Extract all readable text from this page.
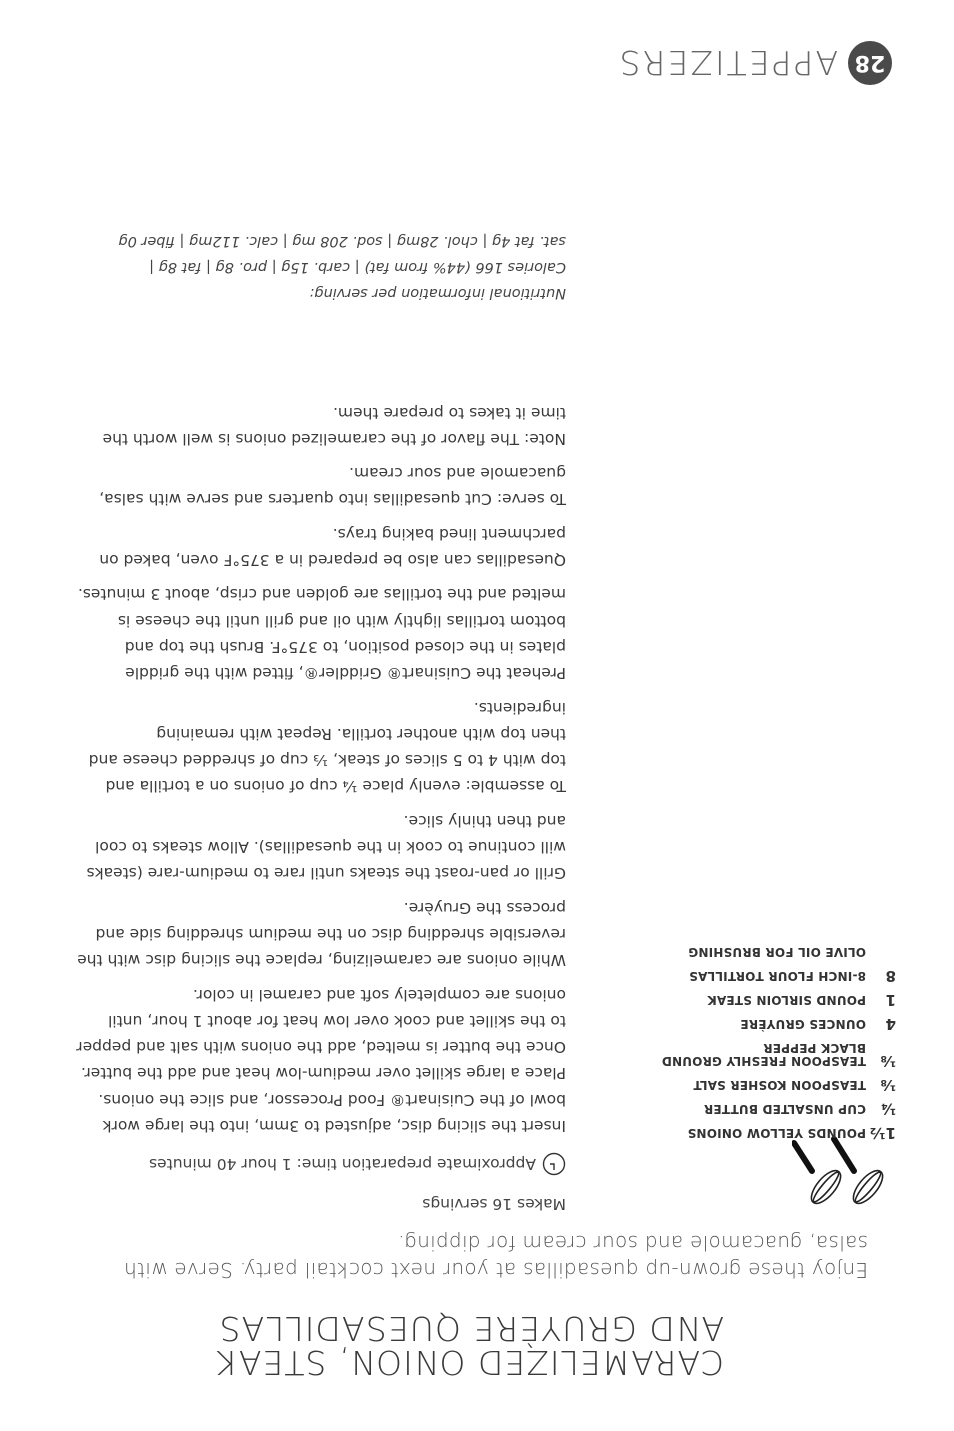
CARAMELIZED ONION, STEAK
AND GRUYÈRE QUESADILLAS
Enjoy these grown-up quesadillas at your next cocktail party. Serve with salsa, guacamole and sour cream for dipping.
Makes 16 servings
Approximate preparation time: 1 hour 40 minutes
1½
POUNDS YELLOW ONIONS
¼
CUP UNSALTED BUTTER
⅛
TEASPOON KOSHER SALT
⅛
TEASPOON FRESHLY GROUND BLACK PEPPER
4
OUNCES GRUYÈRE
1
POUND SIRLOIN STEAK
8
8-INCH FLOUR TORTILLAS
OLIVE OIL FOR BRUSHING

Insert the slicing disc, adjusted to 3mm, into the large work bowl of the Cuisinart® Food Processor, and slice the onions. Place a large skillet over medium-low heat and add the butter. Once the butter is melted, add the onions with salt and pepper to the skillet and cook over low heat for about 1 hour, until onions are completely soft and caramel in color.

While onions are caramelizing, replace the slicing disc with the reversible shredding disc on the medium shredding side and process the Gruyère.

Grill or pan-roast the steaks until rare to medium-rare (steaks will continue to cook in the quesadillas). Allow steaks to cool and then thinly slice.

To assemble: evenly place ¼ cup of onions on a tortilla and top with 4 to 5 slices of steak, ⅓ cup of shredded cheese and then top with another tortilla. Repeat with remaining ingredients.

Preheat the Cuisinart® Griddler®, fitted with the griddle plates in the closed position, to 375°F. Brush the top and bottom tortillas lightly with oil and grill until the cheese is melted and the tortillas are golden and crisp, about 3 minutes.

Quesadillas can also be prepared in a 375°F oven, baked on parchment lined baking trays.

To serve: Cut quesadillas into quarters and serve with salsa, guacamole and sour cream.

Note: The flavor of the caramelized onions is well worth the time it takes to prepare them.

Nutritional information per serving:

Calories 166 (44% from fat) | carb. 15g | pro. 8g | fat 8g |

sat. fat 4g | chol. 28mg | sod. 208 mg | calc. 112mg | fiber 0g

28
APPETIZERS
